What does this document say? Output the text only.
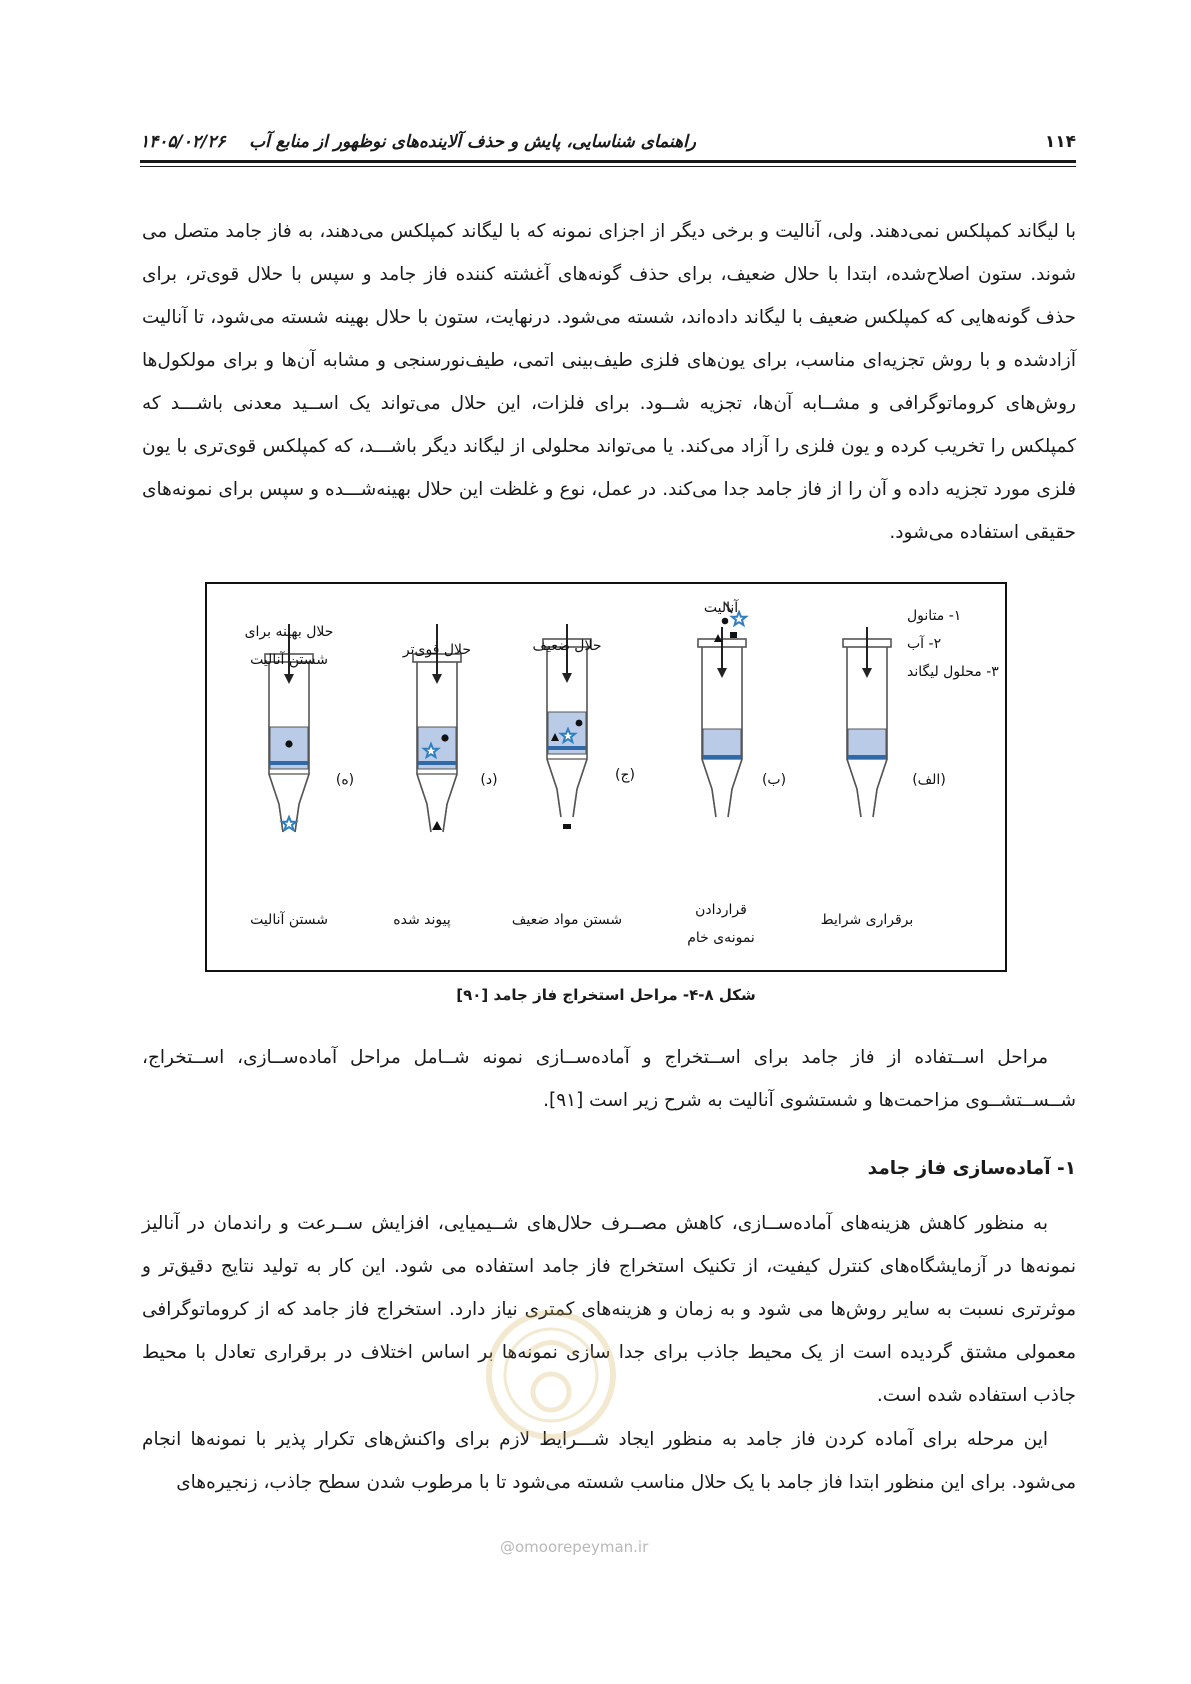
۱۱۴
۱۴۰۵/۰۲/۲۶ راهنمای شناسایی، پایش و حذف آلاینده‌های نوظهور از منابع آب
با لیگاند کمپلکس نمی‌دهند. ولی، آنالیت و برخی دیگر از اجزای نمونه که با لیگاند کمپلکس می‌دهند، به فاز جامد متصل می شوند. ستون اصلاح‌شده، ابتدا با حلال ضعیف، برای حذف گونه‌های آغشته کننده فاز جامد و سپس با حلال قوی‌تر، برای حذف گونه‌هایی که کمپلکس ضعیف با لیگاند داده‌اند، شسته می‌شود. درنهایت، ستون با حلال بهینه شسته می‌شود، تا آنالیت آزادشده و با روش تجزیه‌ای مناسب، برای یون‌های فلزی طیف‌بینی اتمی، طیف‌نورسنجی و مشابه آن‌ها و برای مولکول‌ها روش‌های کروماتوگرافی و مشــابه آن‌ها، تجزیه شــود. برای فلزات، این حلال می‌تواند یک اســید معدنی باشـــد که کمپلکس را تخریب کرده و یون فلزی را آزاد می‌کند. یا می‌تواند محلولی از لیگاند دیگر باشـــد، که کمپلکس قوی‌تری با یون فلزی مورد تجزیه داده و آن را از فاز جامد جدا می‌کند. در عمل، نوع و غلظت این حلال بهینه‌شـــده و سپس برای نمونه‌های حقیقی استفاده می‌شود.
حلال بهینه برای
شستن آنالیت
حلال قوی‌تر	حلال ضعیف
آنالیت	۱- متانول
۲- آب
۳- محلول لیگاند
(ه)	(د)	(ج)	(ب)	(الف)
شستن آنالیت	پیوند شده	شستن مواد ضعیف
قراردادن
نمونه‌ی خام
برقراری شرایط
شکل ۸-۴- مراحل استخراج فاز جامد [۹۰]
مراحل اســتفاده از فاز جامد برای اســتخراج و آماده‌ســازی نمونه شــامل مراحل آماده‌ســازی، اســتخراج، شــســتشــوی مزاحمت‌ها و شستشوی آنالیت به شرح زیر است [۹۱].
۱- آماده‌سازی فاز جامد
به منظور کاهش هزینه‌های آماده‌ســازی، کاهش مصــرف حلال‌های شــیمیایی، افزایش ســرعت و راندمان در آنالیز نمونه‌ها در آزمایشگاه‌های کنترل کیفیت، از تکنیک استخراج فاز جامد استفاده می شود. این کار به تولید نتایج دقیق‌تر و موثرتری نسبت به سایر روش‌ها می شود و به زمان و هزینه‌های کمتری نیاز دارد. استخراج فاز جامد که از کروماتوگرافی معمولی مشتق گردیده است از یک محیط جاذب برای جدا سازی نمونه‌ها بر اساس اختلاف در برقراری تعادل با محیط جاذب استفاده شده است.
این مرحله برای آماده کردن فاز جامد به منظور ایجاد شـــرایط لازم برای واکنش‌های تکرار پذیر با نمونه‌ها انجام می‌شود. برای این منظور ابتدا فاز جامد با یک حلال مناسب شسته می‌شود تا با مرطوب شدن سطح جاذب، زنجیره‌های
@omoorepeyman.ir
